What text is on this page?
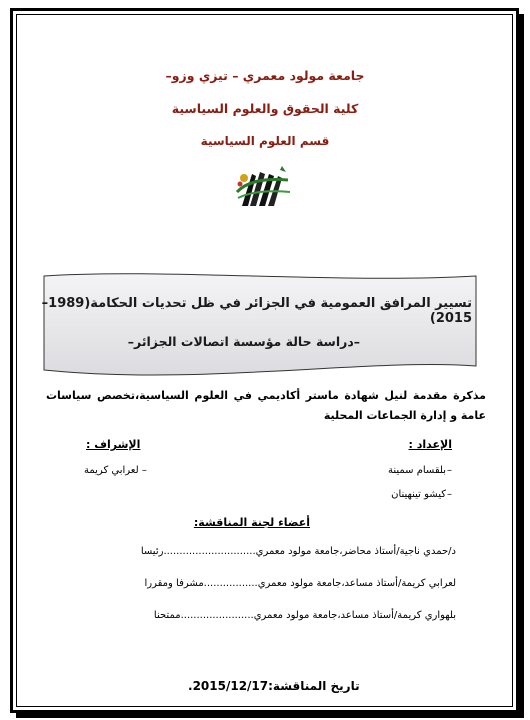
جامعة مولود معمري – تيزي وزو–
كلية الحقوق والعلوم السياسية
قسم العلوم السياسية
تسيير المرافق العمومية في الجزائر في ظل تحديات الحكامة(1989–2015)
–دراسة حالة مؤسسة اتصالات الجزائر–
مذكرة مقدمة لنيل شهادة ماستر أكاديمي في العلوم السياسية،تخصص سياسات عامة و إدارة الجماعات المحلية
الإعداد :
الإشراف :
–
بلقسام سمينة
–
كيشو تينهينان
– لعرابي كريمة
أعضاء لجنة المناقشة:
د/حمدي ناجية/أستاذ محاضر،جامعة مولود معمري.............................رئيسا
لعرابي كريمة/أستاذ مساعد،جامعة مولود معمري.................مشرفا ومقررا
بلهواري كريمة/أستاذ مساعد،جامعة مولود معمري.......................ممتحنا
تاريخ المناقشة:2015/12/17.
